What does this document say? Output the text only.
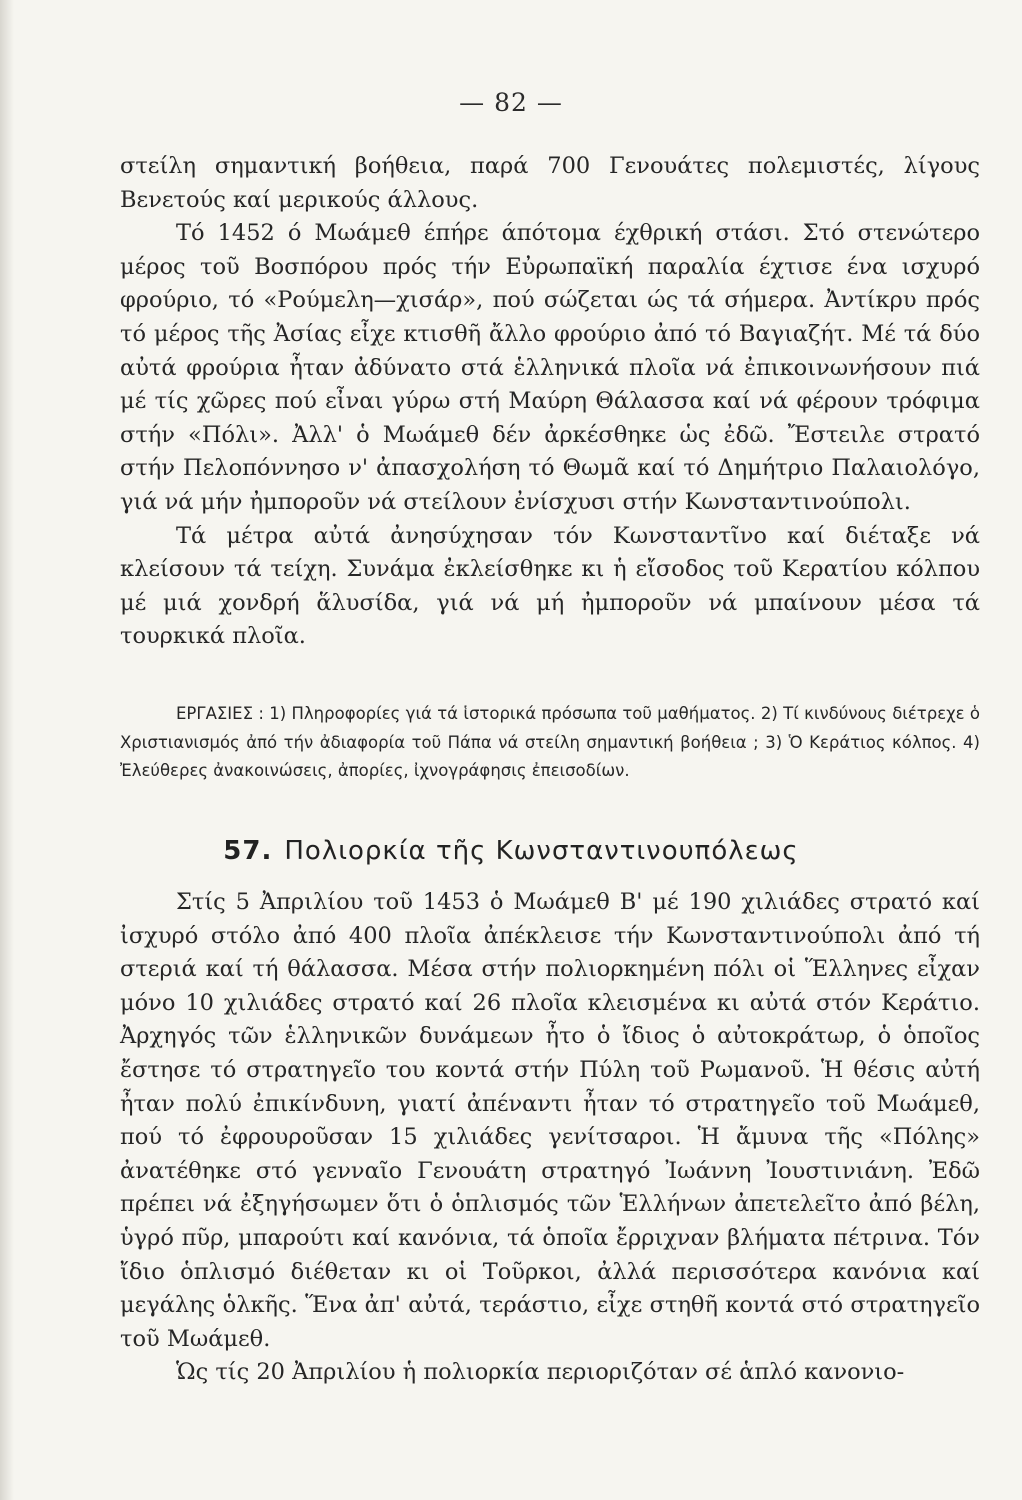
— 82 —

στείλη σημαντική βοήθεια, παρά 700 Γενουάτες πολεμιστές, λίγους Βενετούς καί μερικούς άλλους.

Τό 1452 ό Μωάμεθ έπήρε άπότομα έχθρική στάσι. Στό στενώτερο μέρος τοῦ Βοσπόρου πρός τήν Εὐρωπαϊκή παραλία έχτισε ένα ισχυρό φρούριο, τό «Ρούμελη—χισάρ», πού σώζεται ώς τά σήμερα. Ἀντίκρυ πρός τό μέρος τῆς Ἀσίας εἶχε κτισθῆ ἄλλο φρούριο ἀπό τό Βαγιαζήτ. Μέ τά δύο αὐτά φρούρια ἦταν ἀδύνατο στά ἑλληνικά πλοῖα νά ἐπικοινωνήσουν πιά μέ τίς χῶρες πού εἶναι γύρω στή Μαύρη Θάλασσα καί νά φέρουν τρόφιμα στήν «Πόλι». Ἀλλ' ὁ Μωάμεθ δέν ἀρκέσθηκε ὡς ἐδῶ. Ἔστειλε στρατό στήν Πελοπόννησο ν' ἀπασχολήση τό Θωμᾶ καί τό Δημήτριο Παλαιολόγο, γιά νά μήν ἠμποροῦν νά στείλουν ἐνίσχυσι στήν Κωνσταντινούπολι.

Τά μέτρα αὐτά ἀνησύχησαν τόν Κωνσταντῖνο καί διέταξε νά κλείσουν τά τείχη. Συνάμα ἐκλείσθηκε κι ἡ εἴσοδος τοῦ Κερατίου κόλπου μέ μιά χονδρή ἅλυσίδα, γιά νά μή ἠμποροῦν νά μπαίνουν μέσα τά τουρκικά πλοῖα.

ΕΡΓΑΣΙΕΣ : 1) Πληροφορίες γιά τά ἱστορικά πρόσωπα τοῦ μαθήματος. 2) Τί κινδύνους διέτρεχε ὁ Χριστιανισμός ἀπό τήν ἀδιαφορία τοῦ Πάπα νά στείλη σημαντική βοήθεια ; 3) Ὁ Κεράτιος κόλπος. 4) Ἐλεύθερες ἀνακοινώσεις, ἀπορίες, ἰχνογράφησις ἐπεισοδίων.
57. Πολιορκία τῆς Κωνσταντινουπόλεως

Στίς 5 Ἀπριλίου τοῦ 1453 ὁ Μωάμεθ Β' μέ 190 χιλιάδες στρατό καί ἰσχυρό στόλο ἀπό 400 πλοῖα ἀπέκλεισε τήν Κωνσταντινούπολι ἀπό τή στεριά καί τή θάλασσα. Μέσα στήν πολιορκημένη πόλι οἱ Ἕλληνες εἶχαν μόνο 10 χιλιάδες στρατό καί 26 πλοῖα κλεισμένα κι αὐτά στόν Κεράτιο. Ἀρχηγός τῶν ἑλληνικῶν δυνάμεων ἦτο ὁ ἴδιος ὁ αὐτοκράτωρ, ὁ ὁποῖος ἔστησε τό στρατηγεῖο του κοντά στήν Πύλη τοῦ Ρωμανοῦ. Ἡ θέσις αὐτή ἦταν πολύ ἐπικίνδυνη, γιατί ἀπέναντι ἦταν τό στρατηγεῖο τοῦ Μωάμεθ, πού τό ἐφρουροῦσαν 15 χιλιάδες γενίτσαροι. Ἡ ἄμυνα τῆς «Πόλης» ἀνατέθηκε στό γενναῖο Γενουάτη στρατηγό Ἰωάννη Ἰουστινιάνη. Ἐδῶ πρέπει νά ἐξηγήσωμεν ὅτι ὁ ὁπλισμός τῶν Ἑλλήνων ἀπετελεῖτο ἀπό βέλη, ὑγρό πῦρ, μπαρούτι καί κανόνια, τά ὁποῖα ἔρριχναν βλήματα πέτρινα. Τόν ἴδιο ὁπλισμό διέθεταν κι οἱ Τοῦρκοι, ἀλλά περισσότερα κανόνια καί μεγάλης ὁλκῆς. Ἕνα ἀπ' αὐτά, τεράστιο, εἶχε στηθῆ κοντά στό στρατηγεῖο τοῦ Μωάμεθ.

Ὡς τίς 20 Ἀπριλίου ἡ πολιορκία περιοριζόταν σέ ἁπλό κανονιο-
